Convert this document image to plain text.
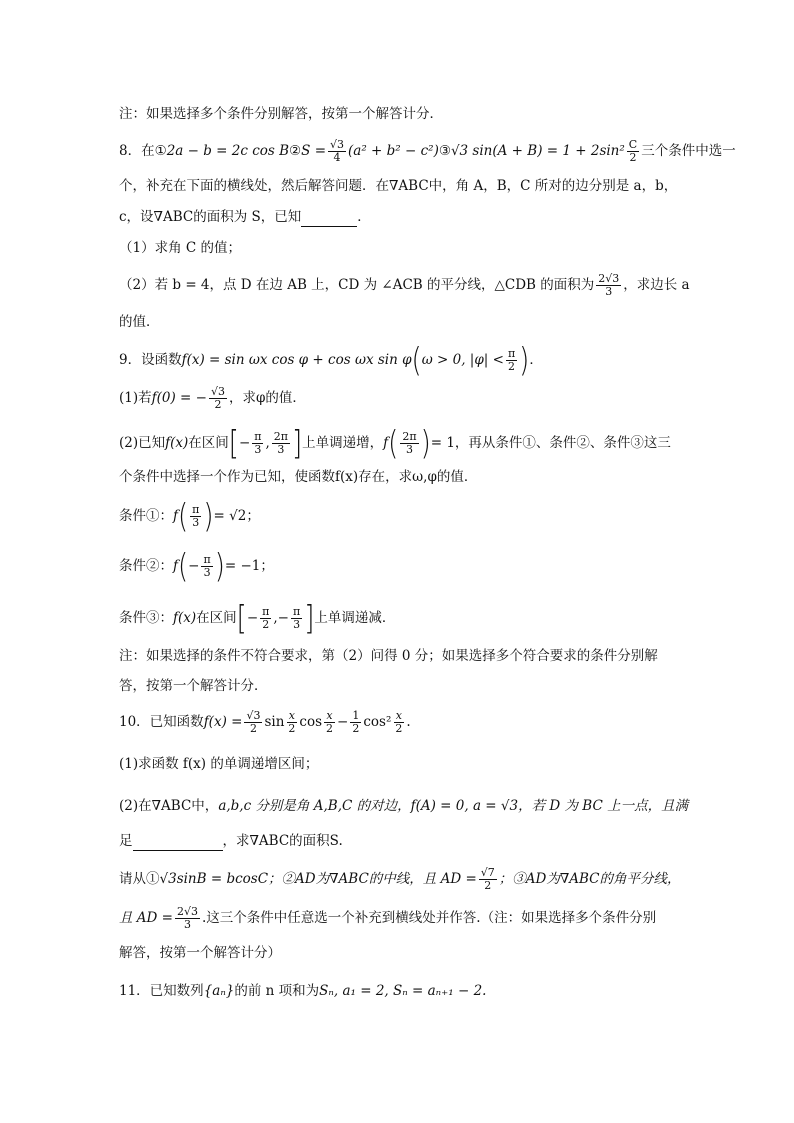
注：如果选择多个条件分别解答，按第一个解答计分．
8．在①2a − b = 2c cos B②S = $\frac{√3}{4} (a^2 + b^2$ − c²)③√3 $\sin(A + B) = 1 + 2\sin^2 \frac{C}{2}$ 三个条件中选一
个，补充在下面的横线处，然后解答问题．在∇ABC中，角 A，B，C 所对的边分别是 a，b，
c，设∇ABC的面积为 S，已知	．
（1）求角 C 的值；
（2）若 b = 4，点 D 在边 AB 上，CD 为 ∠ACB 的平分线，△CDB 的面积为 $\frac{2√3}{3}$ ，求边长 a
的值．
9．设函数f(x) = sin ωx cos φ + cos ωx sin φ(ω > 0, $|\varphi| < \frac{\pi}{2}$ )．
(1)若f(0) = − $\frac{√3}{2}$ ，求φ的值．
(2)已知f(x)在区间[− $\frac{\pi}{3}$ , $\frac{2\pi}{3}$ ]上单调递增，$f( \frac{2\pi}{3}$ )= 1，再从条件①、条件②、条件③这三
个条件中选择一个作为已知，使函数f(x)存在，求ω,φ的值．
条件①：$f( \frac{\pi}{3}$ )= √2；
条件②：$f(- \frac{\pi}{3}$ )= −1；
条件③：f(x)在区间[− $\frac{\pi}{2}$ ,− $\frac{\pi}{3}$ ]上单调递减．
注：如果选择的条件不符合要求，第（2）问得 0 分；如果选择多个符合要求的条件分别解
答，按第一个解答计分．
10．已知函数$f(x) = \frac{√3}{2}$ $\sin \frac{x}{2}$ $\cos \frac{x}{2} - \frac{1}{2} \cos^2 \frac{x}{2}$ .
(1)求函数 f(x) 的单调递增区间；
(2)在∇ABC中，a,b,c 分别是角 A,B,C 的对边，f(A) = 0, a = √3，若 D 为 BC 上一点，且满
足	，求∇ABC的面积S.
请从①√3sinB = bcosC；②AD为∇ABC的中线，且 AD = $\frac{√7}{2}$ ；③AD为∇ABC的角平分线，
且 AD = $\frac{2√3}{3}$ .这三个条件中任意选一个补充到横线处并作答.（注：如果选择多个条件分别
解答，按第一个解答计分）
11．已知数列{aₙ}的前 n 项和为Sₙ, a₁ = 2, Sₙ = aₙ₊₁ − 2.
